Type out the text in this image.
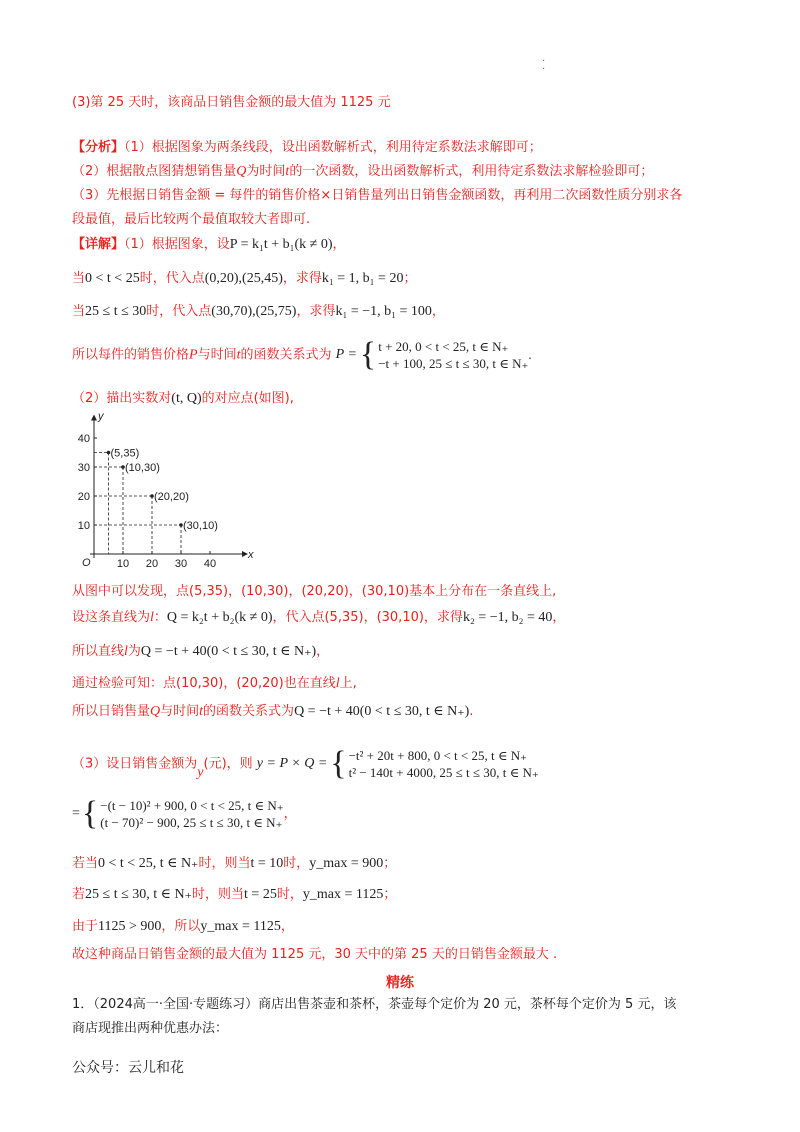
·
·
(3)第 25 天时，该商品日销售金额的最大值为 1125 元
【分析】（1）根据图象为两条线段，设出函数解析式，利用待定系数法求解即可；
（2）根据散点图猜想销售量Q为时间t的一次函数，设出函数解析式，利用待定系数法求解检验即可；
（3）先根据日销售金额 = 每件的销售价格×日销售量列出日销售金额函数，再利用二次函数性质分别求各
段最值，最后比较两个最值取较大者即可.
【详解】（1）根据图象，设P = k₁t + b₁(k ≠ 0)，
当0 < t < 25时，代入点(0,20),(25,45)，求得k₁ = 1, b₁ = 20；
当25 ≤ t ≤ 30时，代入点(30,70),(25,75)，求得k₁ = −1, b₁ = 100，
所以每件的销售价格P与时间t的函数关系式为 P = { t + 20, 0 < t < 25, t ∈ N₊
−t + 100, 25 ≤ t ≤ 30, t ∈ N₊
.
（2）描出实数对(t, Q)的对应点(如图),
x
y
O 10 20 30 40
10
20
30
40
(5,35)
(10,30)
(20,20)
(30,10)
从图中可以发现，点(5,35)，(10,30)，(20,20)，(30,10)基本上分布在一条直线上,
设这条直线为l：Q = k₂t + b₂(k ≠ 0)，代入点(5,35)，(30,10)，求得k₂ = −1, b₂ = 40，
所以直线l为Q = −t + 40(0 < t ≤ 30, t ∈ N₊)，
通过检验可知：点(10,30)，(20,20)也在直线l上,
所以日销售量Q与时间t的函数关系式为Q = −t + 40(0 < t ≤ 30, t ∈ N₊).
（3）设日销售金额为y(元)，则 y = P × Q = { −t² + 20t + 800, 0 < t < 25, t ∈ N₊
t² − 140t + 4000, 25 ≤ t ≤ 30, t ∈ N₊
= { −(t − 10)² + 900, 0 < t < 25, t ∈ N₊
(t − 70)² − 900, 25 ≤ t ≤ 30, t ∈ N₊
，
若当0 < t < 25, t ∈ N₊时，则当t = 10时，y_max = 900；
若25 ≤ t ≤ 30, t ∈ N₊时，则当t = 25时，y_max = 1125；
由于1125 > 900，所以y_max = 1125，
故这种商品日销售金额的最大值为 1125 元，30 天中的第 25 天的日销售金额最大 .
精练
1．（2024高一·全国·专题练习）商店出售茶壶和茶杯，茶壶每个定价为 20 元，茶杯每个定价为 5 元，该
商店现推出两种优惠办法：
公众号：云儿和花
